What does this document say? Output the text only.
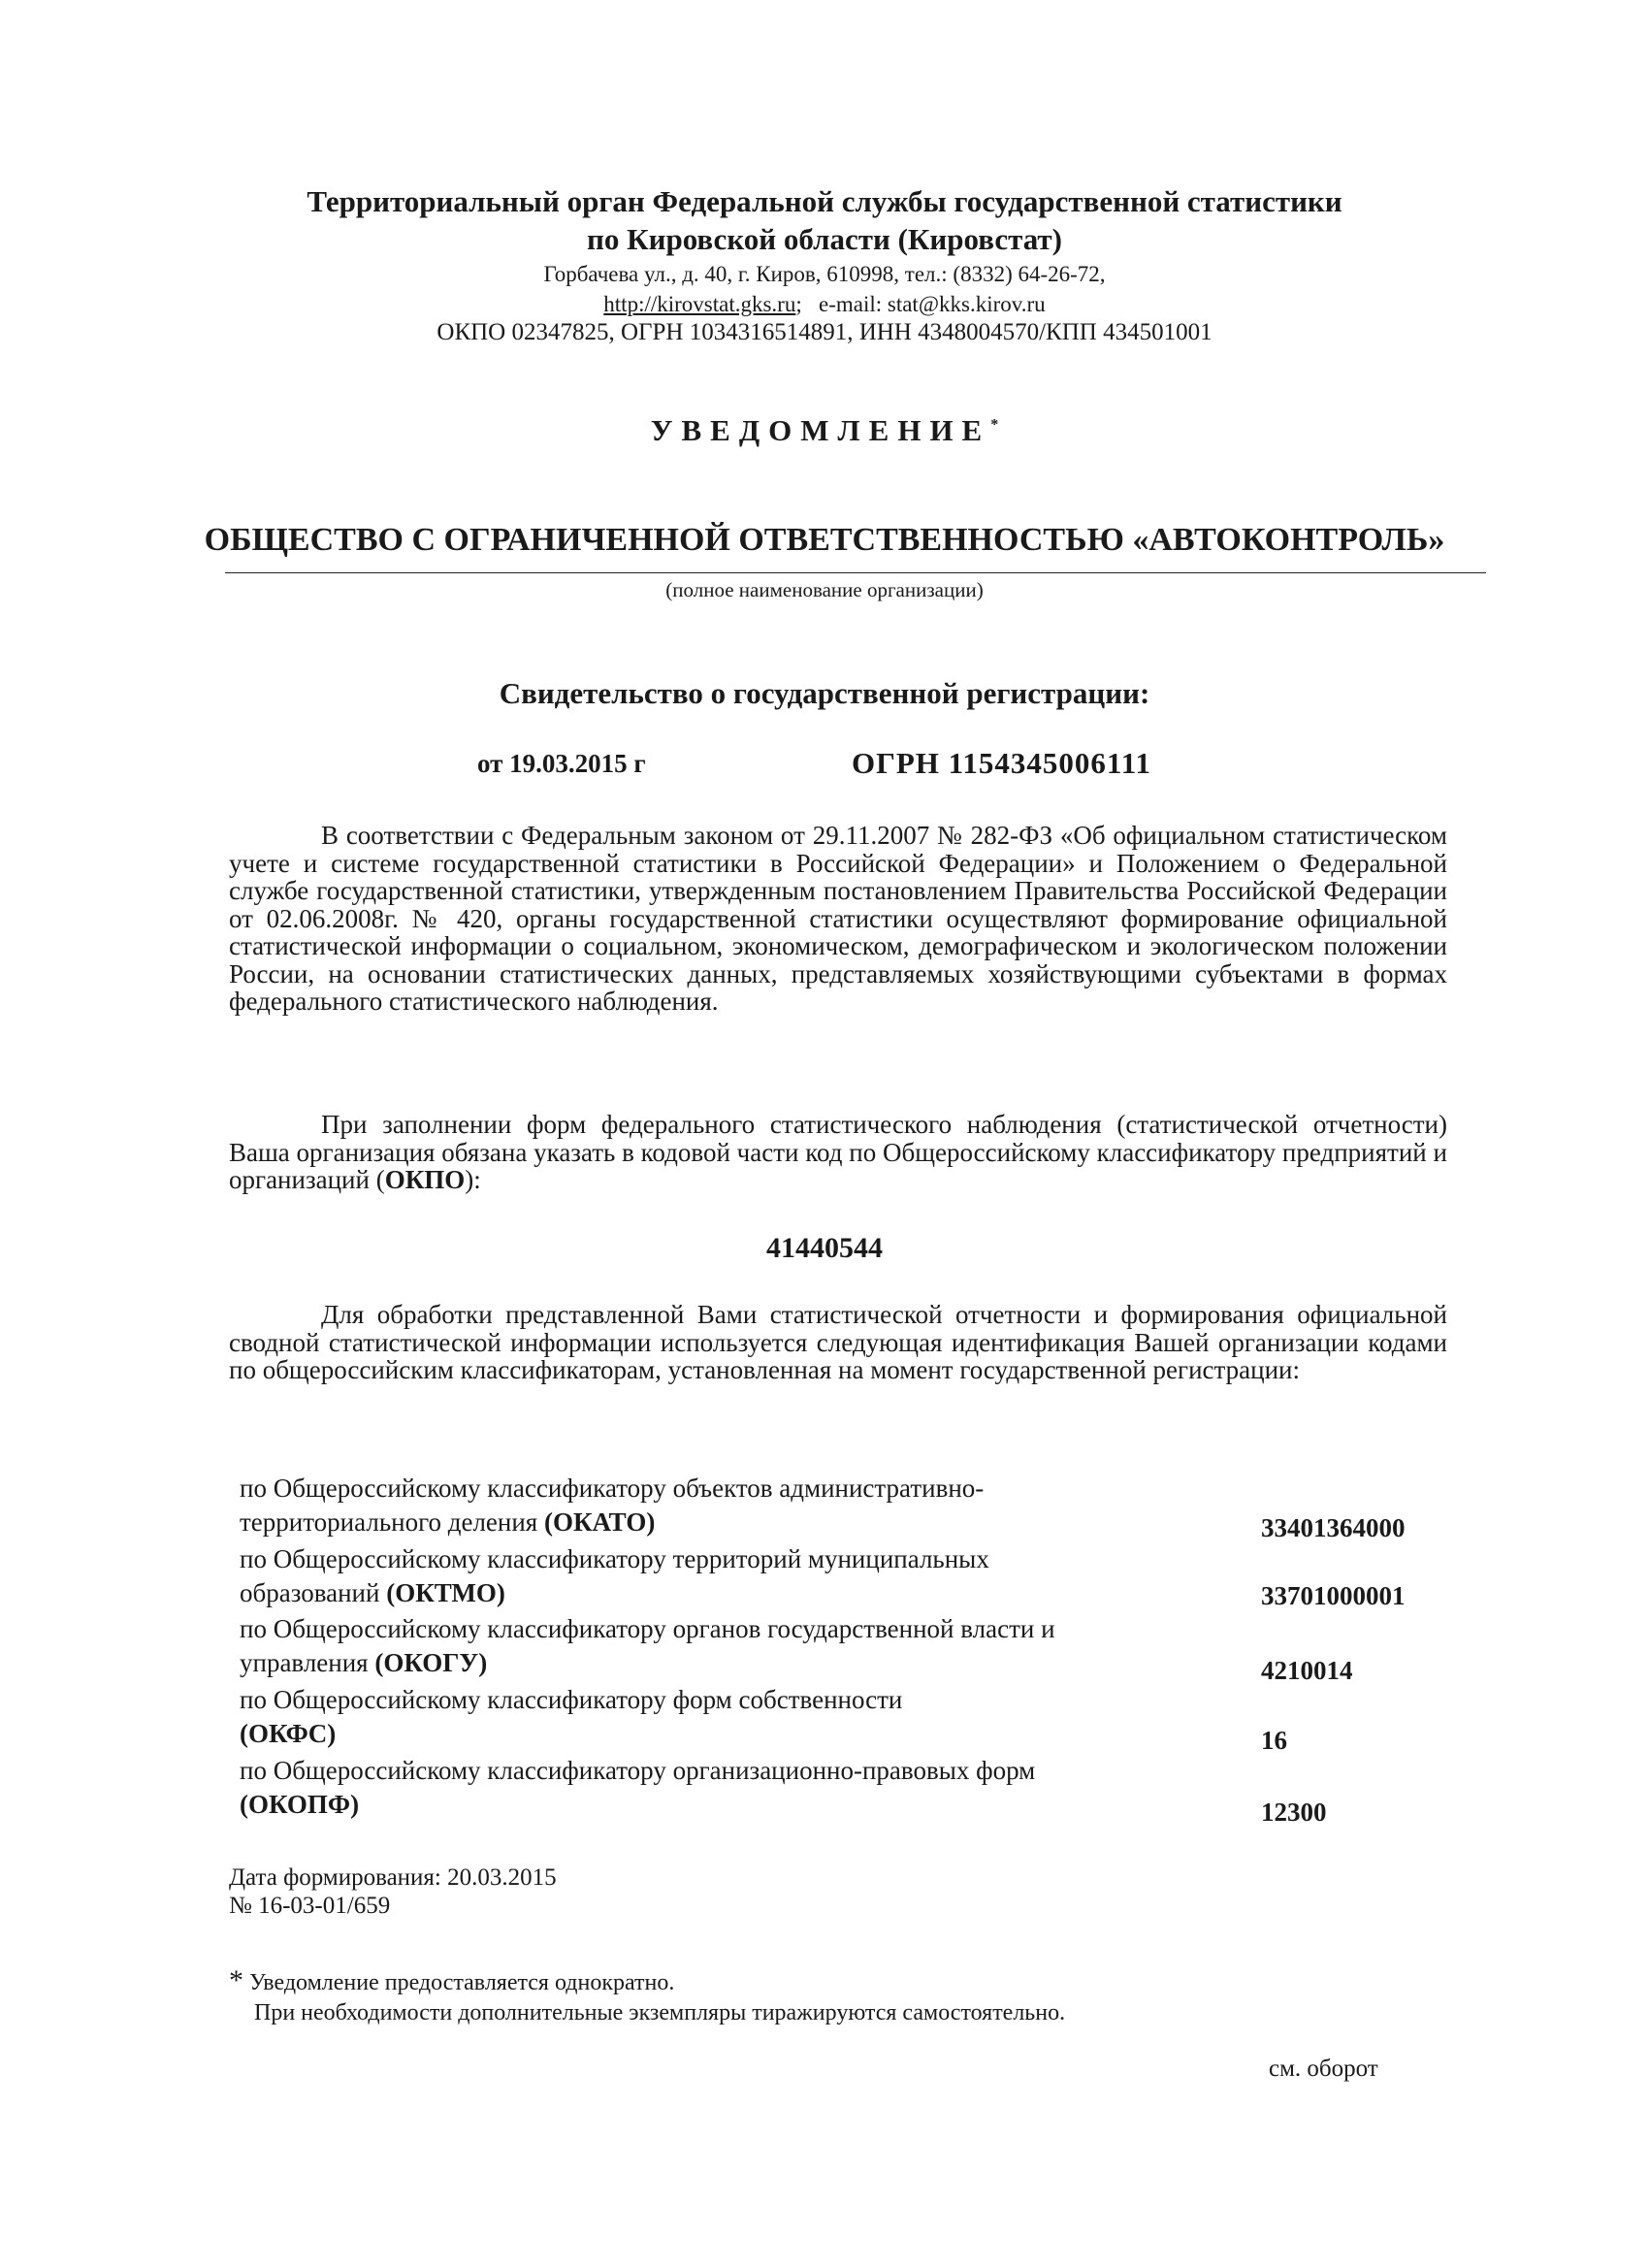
Территориальный орган Федеральной службы государственной статистики
по Кировской области (Кировстат)
Горбачева ул., д. 40, г. Киров, 610998, тел.: (8332) 64-26-72,
http://kirovstat.gks.ru;   e-mail: stat@kks.kirov.ru
ОКПО 02347825, ОГРН 1034316514891, ИНН 4348004570/КПП 434501001
УВЕДОМЛЕНИЕ*
ОБЩЕСТВО С ОГРАНИЧЕННОЙ ОТВЕТСТВЕННОСТЬЮ «АВТОКОНТРОЛЬ»
(полное наименование организации)
Свидетельство о государственной регистрации:
от 19.03.2015 г	ОГРН 1154345006111
В соответствии с Федеральным законом от 29.11.2007 № 282-ФЗ «Об официальном статистическом учете и системе государственной статистики в Российской Федерации» и Положением о Федеральной службе государственной статистики, утвержденным постановлением Правительства Российской Федерации от 02.06.2008г. № 420, органы государственной статистики осуществляют формирование официальной статистической информации о социальном, экономическом, демографическом и экологическом положении России, на основании статистических данных, представляемых хозяйствующими субъектами в формах федерального статистического наблюдения.
При заполнении форм федерального статистического наблюдения (статистической отчетности) Ваша организация обязана указать в кодовой части код по Общероссийскому классификатору предприятий и организаций (ОКПО):
41440544
Для обработки представленной Вами статистической отчетности и формирования официальной сводной статистической информации используется следующая идентификация Вашей организации кодами по общероссийским классификаторам, установленная на момент государственной регистрации:
по Общероссийскому классификатору объектов административно-
территориального деления (ОКАТО)	33401364000
по Общероссийскому классификатору территорий муниципальных
образований (ОКТМО)	33701000001
по Общероссийскому классификатору органов государственной власти и
управления (ОКОГУ)	4210014
по Общероссийскому классификатору форм собственности
(ОКФС)	16
по Общероссийскому классификатору организационно-правовых форм
(ОКОПФ)	12300
Дата формирования: 20.03.2015
№ 16-03-01/659
* Уведомление предоставляется однократно.
При необходимости дополнительные экземпляры тиражируются самостоятельно.
см. оборот
